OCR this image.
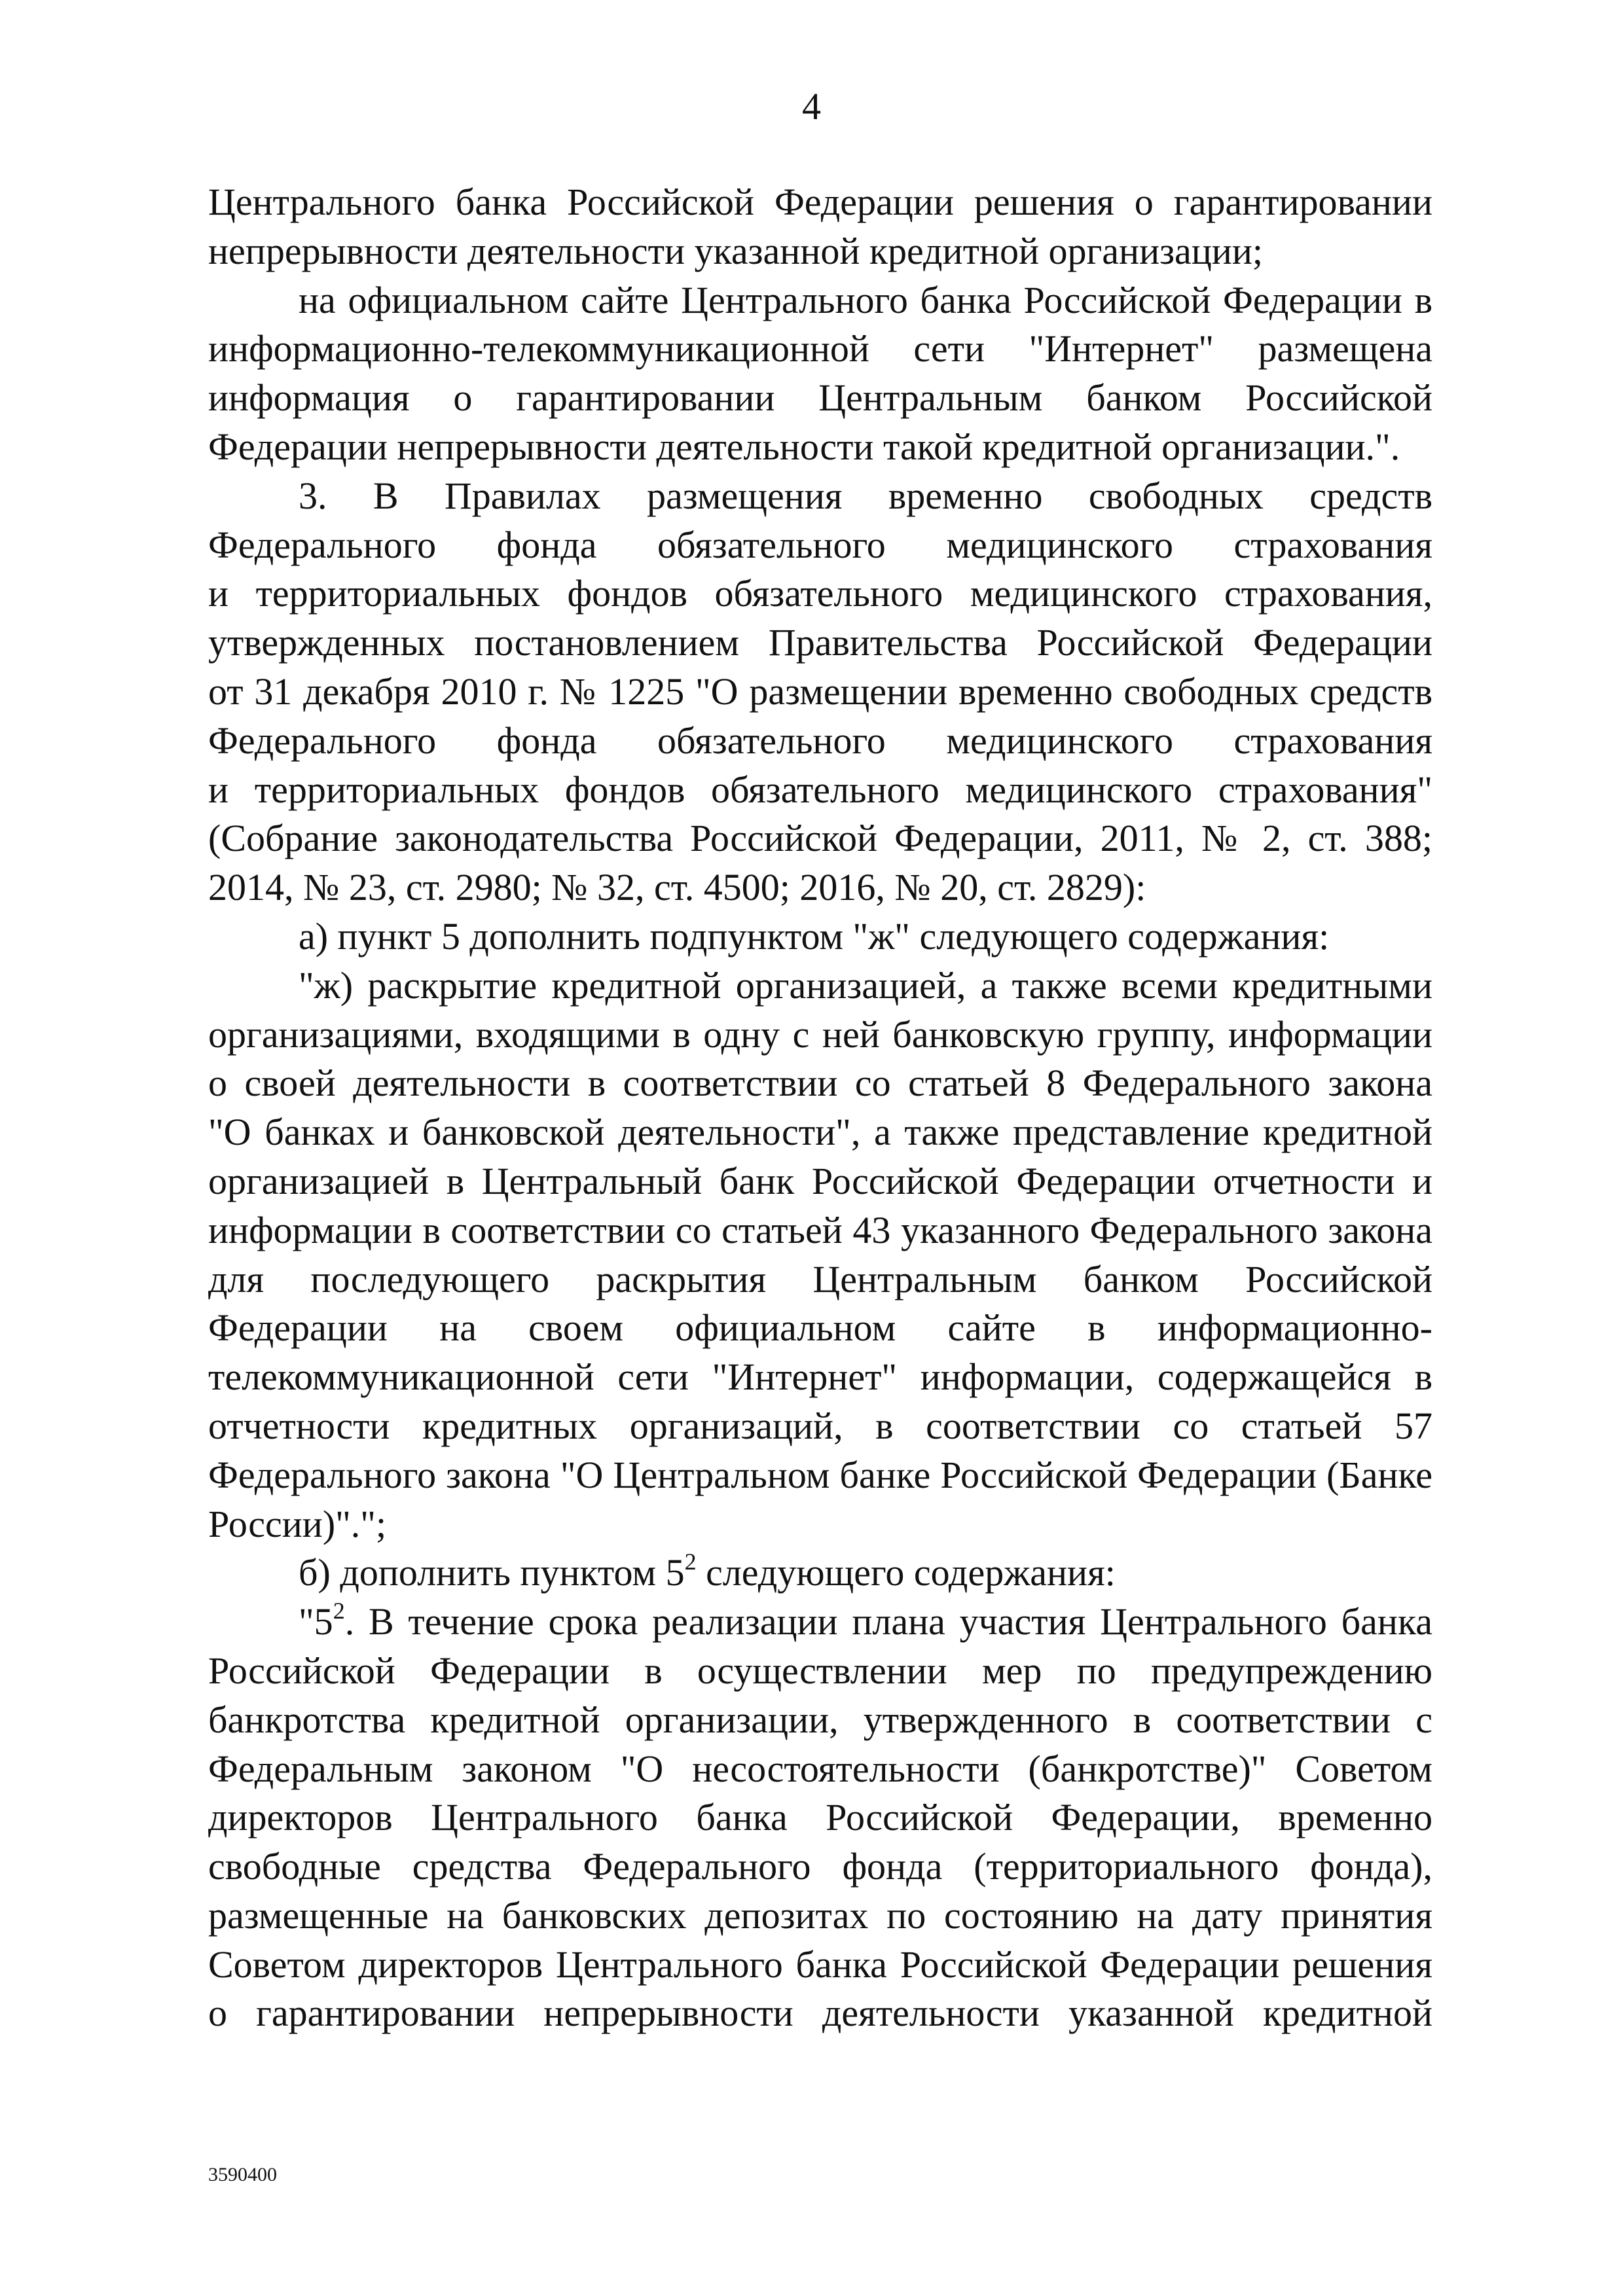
4

Центрального банка Российской Федерации решения о гарантировании

непрерывности деятельности указанной кредитной организации;

на официальном сайте Центрального банка Российской Федерации в

информационно-телекоммуникационной сети "Интернет" размещена

информация о гарантировании Центральным банком Российской

Федерации непрерывности деятельности такой кредитной организации.".

3. В Правилах размещения временно свободных средств

Федерального фонда обязательного медицинского страхования

и территориальных фондов обязательного медицинского страхования,

утвержденных постановлением Правительства Российской Федерации

от 31 декабря 2010 г. № 1225 "О размещении временно свободных средств

Федерального фонда обязательного медицинского страхования

и территориальных фондов обязательного медицинского страхования"

(Собрание законодательства Российской Федерации, 2011, № 2, ст. 388;

2014, № 23, ст. 2980; № 32, ст. 4500; 2016, № 20, ст. 2829):

а) пункт 5 дополнить подпунктом "ж" следующего содержания:

"ж) раскрытие кредитной организацией, а также всеми кредитными

организациями, входящими в одну с ней банковскую группу, информации

о своей деятельности в соответствии со статьей 8 Федерального закона

"О банках и банковской деятельности", а также представление кредитной

организацией в Центральный банк Российской Федерации отчетности и

информации в соответствии со статьей 43 указанного Федерального закона

для последующего раскрытия Центральным банком Российской

Федерации на своем официальном сайте в информационно-

телекоммуникационной сети "Интернет" информации, содержащейся в

отчетности кредитных организаций, в соответствии со статьей 57

Федерального закона "О Центральном банке Российской Федерации (Банке

России)".";

б) дополнить пунктом $5^2$ следующего содержания:

"$5^2$. В течение срока реализации плана участия Центрального банка

Российской Федерации в осуществлении мер по предупреждению

банкротства кредитной организации, утвержденного в соответствии с

Федеральным законом "О несостоятельности (банкротстве)" Советом

директоров Центрального банка Российской Федерации, временно

свободные средства Федерального фонда (территориального фонда),

размещенные на банковских депозитах по состоянию на дату принятия

Советом директоров Центрального банка Российской Федерации решения

о гарантировании непрерывности деятельности указанной кредитной

3590400
